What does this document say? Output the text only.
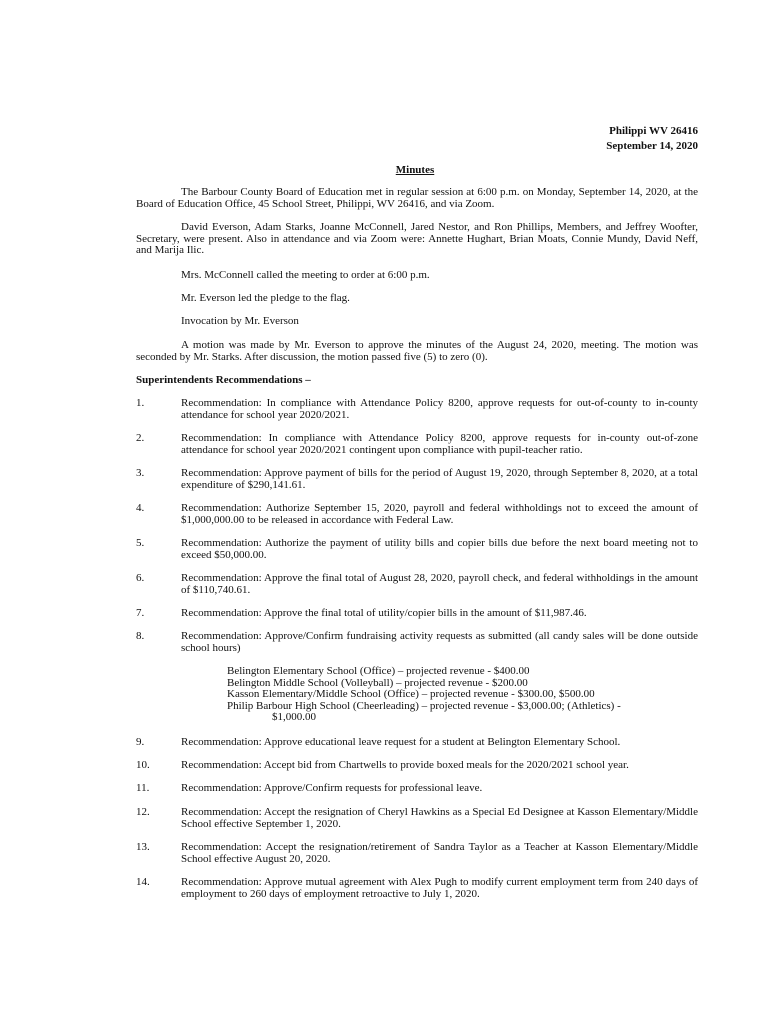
Philippi WV 26416
September 14, 2020
Minutes
The Barbour County Board of Education met in regular session at 6:00 p.m. on Monday, September 14, 2020, at the Board of Education Office, 45 School Street, Philippi, WV 26416, and via Zoom.
David Everson, Adam Starks, Joanne McConnell, Jared Nestor, and Ron Phillips, Members, and Jeffrey Woofter, Secretary, were present. Also in attendance and via Zoom were: Annette Hughart, Brian Moats, Connie Mundy, David Neff, and Marija Ilic.
Mrs. McConnell called the meeting to order at 6:00 p.m.
Mr. Everson led the pledge to the flag.
Invocation by Mr. Everson
A motion was made by Mr. Everson to approve the minutes of the August 24, 2020, meeting. The motion was seconded by Mr. Starks. After discussion, the motion passed five (5) to zero (0).
Superintendents Recommendations –
1.	Recommendation: In compliance with Attendance Policy 8200, approve requests for out-of-county to in-county attendance for school year 2020/2021.
2.	Recommendation: In compliance with Attendance Policy 8200, approve requests for in-county out-of-zone attendance for school year 2020/2021 contingent upon compliance with pupil-teacher ratio.
3.	Recommendation: Approve payment of bills for the period of August 19, 2020, through September 8, 2020, at a total expenditure of $290,141.61.
4.	Recommendation: Authorize September 15, 2020, payroll and federal withholdings not to exceed the amount of $1,000,000.00 to be released in accordance with Federal Law.
5.	Recommendation: Authorize the payment of utility bills and copier bills due before the next board meeting not to exceed $50,000.00.
6.	Recommendation: Approve the final total of August 28, 2020, payroll check, and federal withholdings in the amount of $110,740.61.
7.	Recommendation: Approve the final total of utility/copier bills in the amount of $11,987.46.
8.	Recommendation: Approve/Confirm fundraising activity requests as submitted (all candy sales will be done outside school hours)
Belington Elementary School (Office) – projected revenue - $400.00
Belington Middle School (Volleyball) – projected revenue - $200.00
Kasson Elementary/Middle School (Office) – projected revenue - $300.00, $500.00
Philip Barbour High School (Cheerleading) – projected revenue - $3,000.00; (Athletics) -
$1,000.00
9.	Recommendation: Approve educational leave request for a student at Belington Elementary School.
10.	Recommendation: Accept bid from Chartwells to provide boxed meals for the 2020/2021 school year.
11.	Recommendation: Approve/Confirm requests for professional leave.
12.	Recommendation: Accept the resignation of Cheryl Hawkins as a Special Ed Designee at Kasson Elementary/Middle School effective September 1, 2020.
13.	Recommendation: Accept the resignation/retirement of Sandra Taylor as a Teacher at Kasson Elementary/Middle School effective August 20, 2020.
14.	Recommendation: Approve mutual agreement with Alex Pugh to modify current employment term from 240 days of employment to 260 days of employment retroactive to July 1, 2020.
